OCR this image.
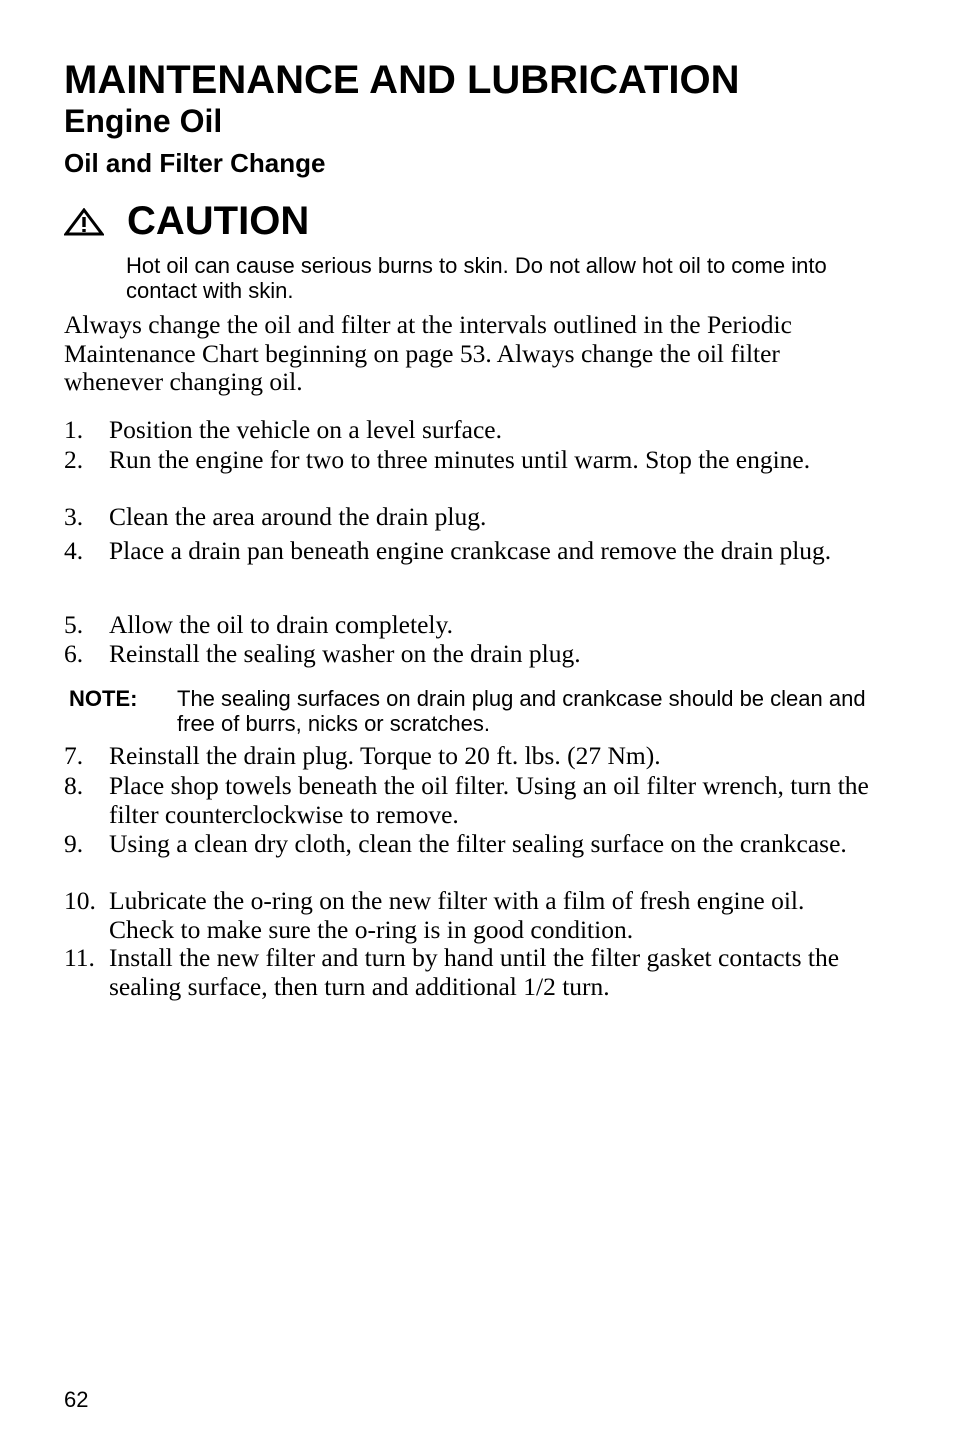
MAINTENANCE AND LUBRICATION
Engine Oil
Oil and Filter Change
CAUTION
Hot oil can cause serious burns to skin. Do not allow hot oil to come into contact with skin.
Always change the oil and filter at the intervals outlined in the Periodic Maintenance Chart beginning on page 53. Always change the oil filter whenever changing oil.
1. Position the vehicle on a level surface.
2. Run the engine for two to three minutes until warm. Stop the engine.
3. Clean the area around the drain plug.
4. Place a drain pan beneath engine crankcase and remove the drain plug.
5. Allow the oil to drain completely.
6. Reinstall the sealing washer on the drain plug.
NOTE: The sealing surfaces on drain plug and crankcase should be clean and free of burrs, nicks or scratches.
7. Reinstall the drain plug. Torque to 20 ft. lbs. (27 Nm).
8. Place shop towels beneath the oil filter. Using an oil filter wrench, turn the filter counterclockwise to remove.
9. Using a clean dry cloth, clean the filter sealing surface on the crankcase.
10. Lubricate the o-ring on the new filter with a film of fresh engine oil. Check to make sure the o-ring is in good condition.
11. Install the new filter and turn by hand until the filter gasket contacts the sealing surface, then turn and additional 1/2 turn.
62
